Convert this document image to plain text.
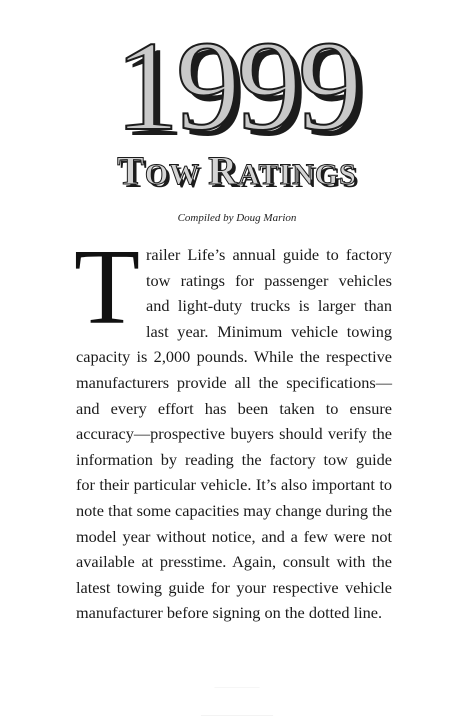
1999
TOW RATINGS
Compiled by Doug Marion
Trailer Life’s annual guide to factory tow ratings for passenger vehicles and light-duty trucks is larger than last year. Minimum vehicle towing capacity is 2,000 pounds. While the respective manufacturers provide all the specifications—and every effort has been taken to ensure accuracy—prospective buyers should verify the information by reading the factory tow guide for their particular vehicle. It’s also important to note that some capacities may change during the model year without notice, and a few were not available at presstime. Again, consult with the latest towing guide for your respective vehicle manufacturer before signing on the dotted line.
—————
————————
